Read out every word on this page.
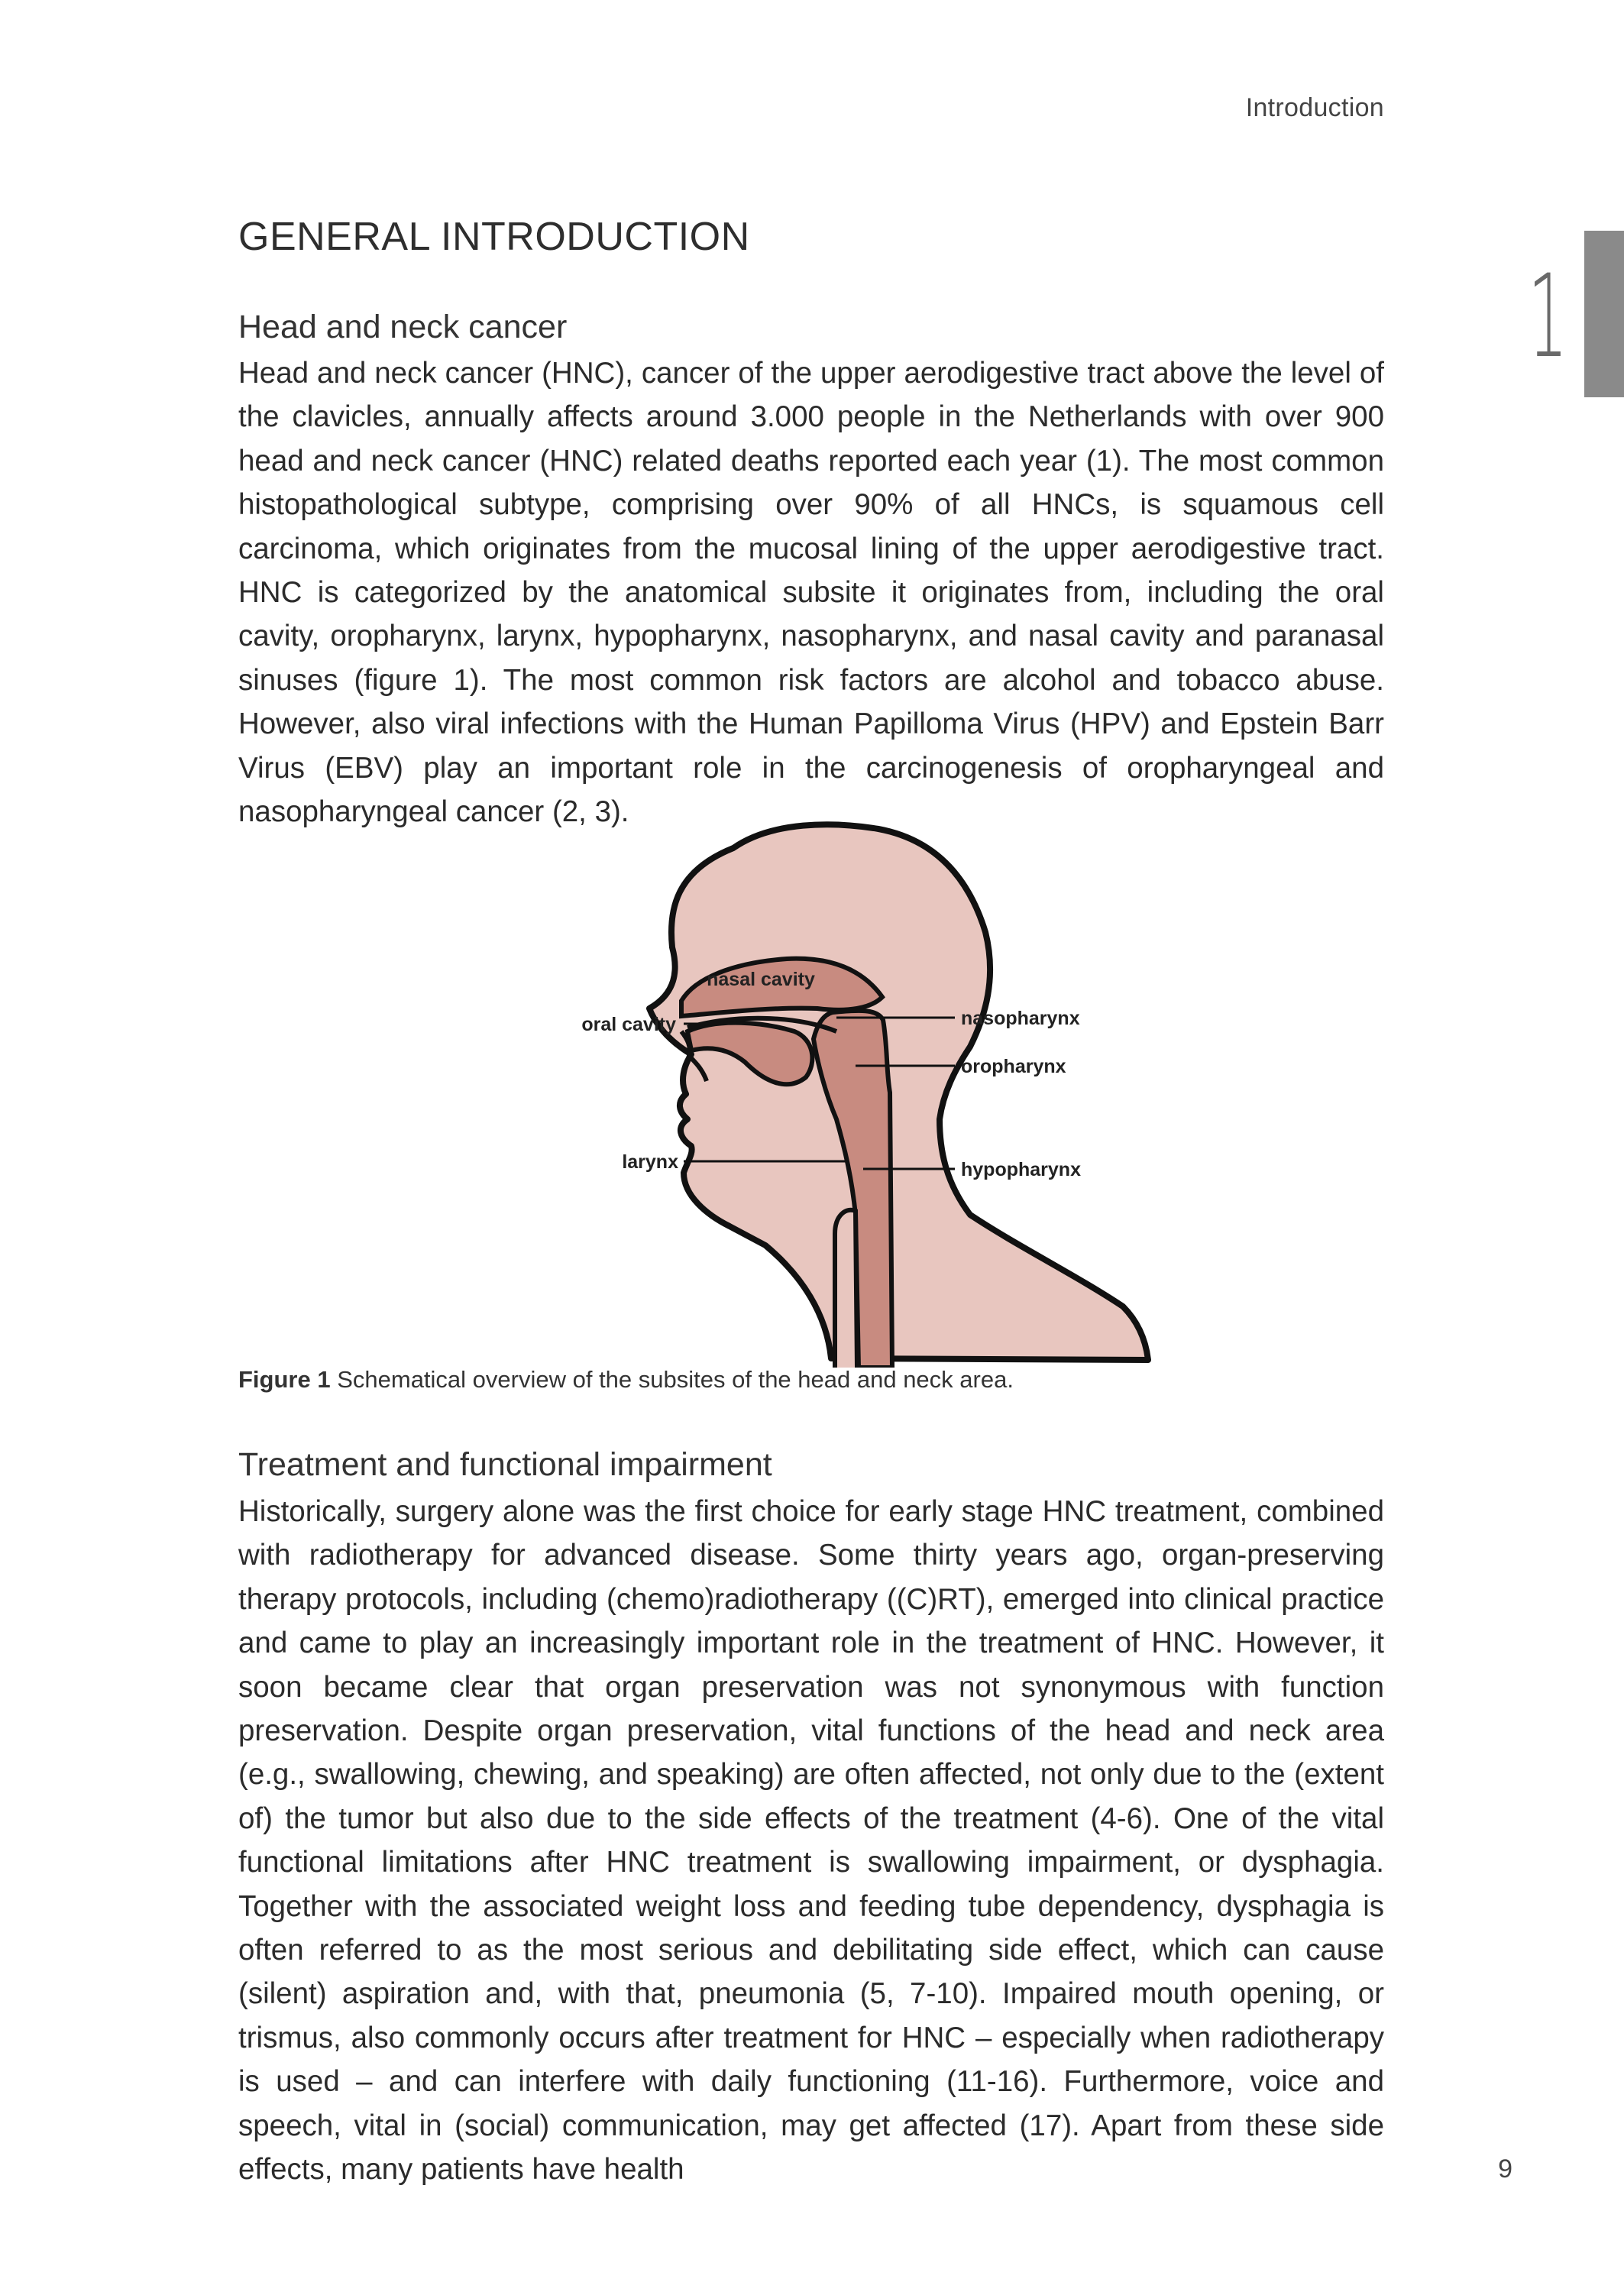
Introduction
1
GENERAL INTRODUCTION
Head and neck cancer

Head and neck cancer (HNC), cancer of the upper aerodigestive tract above the level of the clavicles, annually affects around 3.000 people in the Netherlands with over 900 head and neck cancer (HNC) related deaths reported each year (1). The most common histopathological subtype, comprising over 90% of all HNCs, is squamous cell carcinoma, which originates from the mucosal lining of the upper aerodigestive tract. HNC is categorized by the anatomical subsite it originates from, including the oral cavity, oropharynx, larynx, hypopharynx, nasopharynx, and nasal cavity and paranasal sinuses (figure 1). The most common risk factors are alcohol and tobacco abuse. However, also viral infections with the Human Papilloma Virus (HPV) and Epstein Barr Virus (EBV) play an important role in the carcinogenesis of oropharyngeal and nasopharyngeal cancer (2, 3).

nasal cavity
oral cavity	nasopharynx
oropharynx
larynx	hypopharynx

Figure 1 Schematical overview of the subsites of the head and neck area.

Treatment and functional impairment

Historically, surgery alone was the first choice for early stage HNC treatment, combined with radiotherapy for advanced disease. Some thirty years ago, organ-preserving therapy protocols, including (chemo)radiotherapy ((C)RT), emerged into clinical practice and came to play an increasingly important role in the treatment of HNC. However, it soon became clear that organ preservation was not synonymous with function preservation. Despite organ preservation, vital functions of the head and neck area (e.g., swallowing, chewing, and speaking) are often affected, not only due to the (extent of) the tumor but also due to the side effects of the treatment (4-6). One of the vital functional limitations after HNC treatment is swallowing impairment, or dysphagia. Together with the associated weight loss and feeding tube dependency, dysphagia is often referred to as the most serious and debilitating side effect, which can cause (silent) aspiration and, with that, pneumonia (5, 7-10). Impaired mouth opening, or trismus, also commonly occurs after treatment for HNC – especially when radiotherapy is used – and can interfere with daily functioning (11-16). Furthermore, voice and speech, vital in (social) communication, may get affected (17). Apart from these side effects, many patients have health	9
